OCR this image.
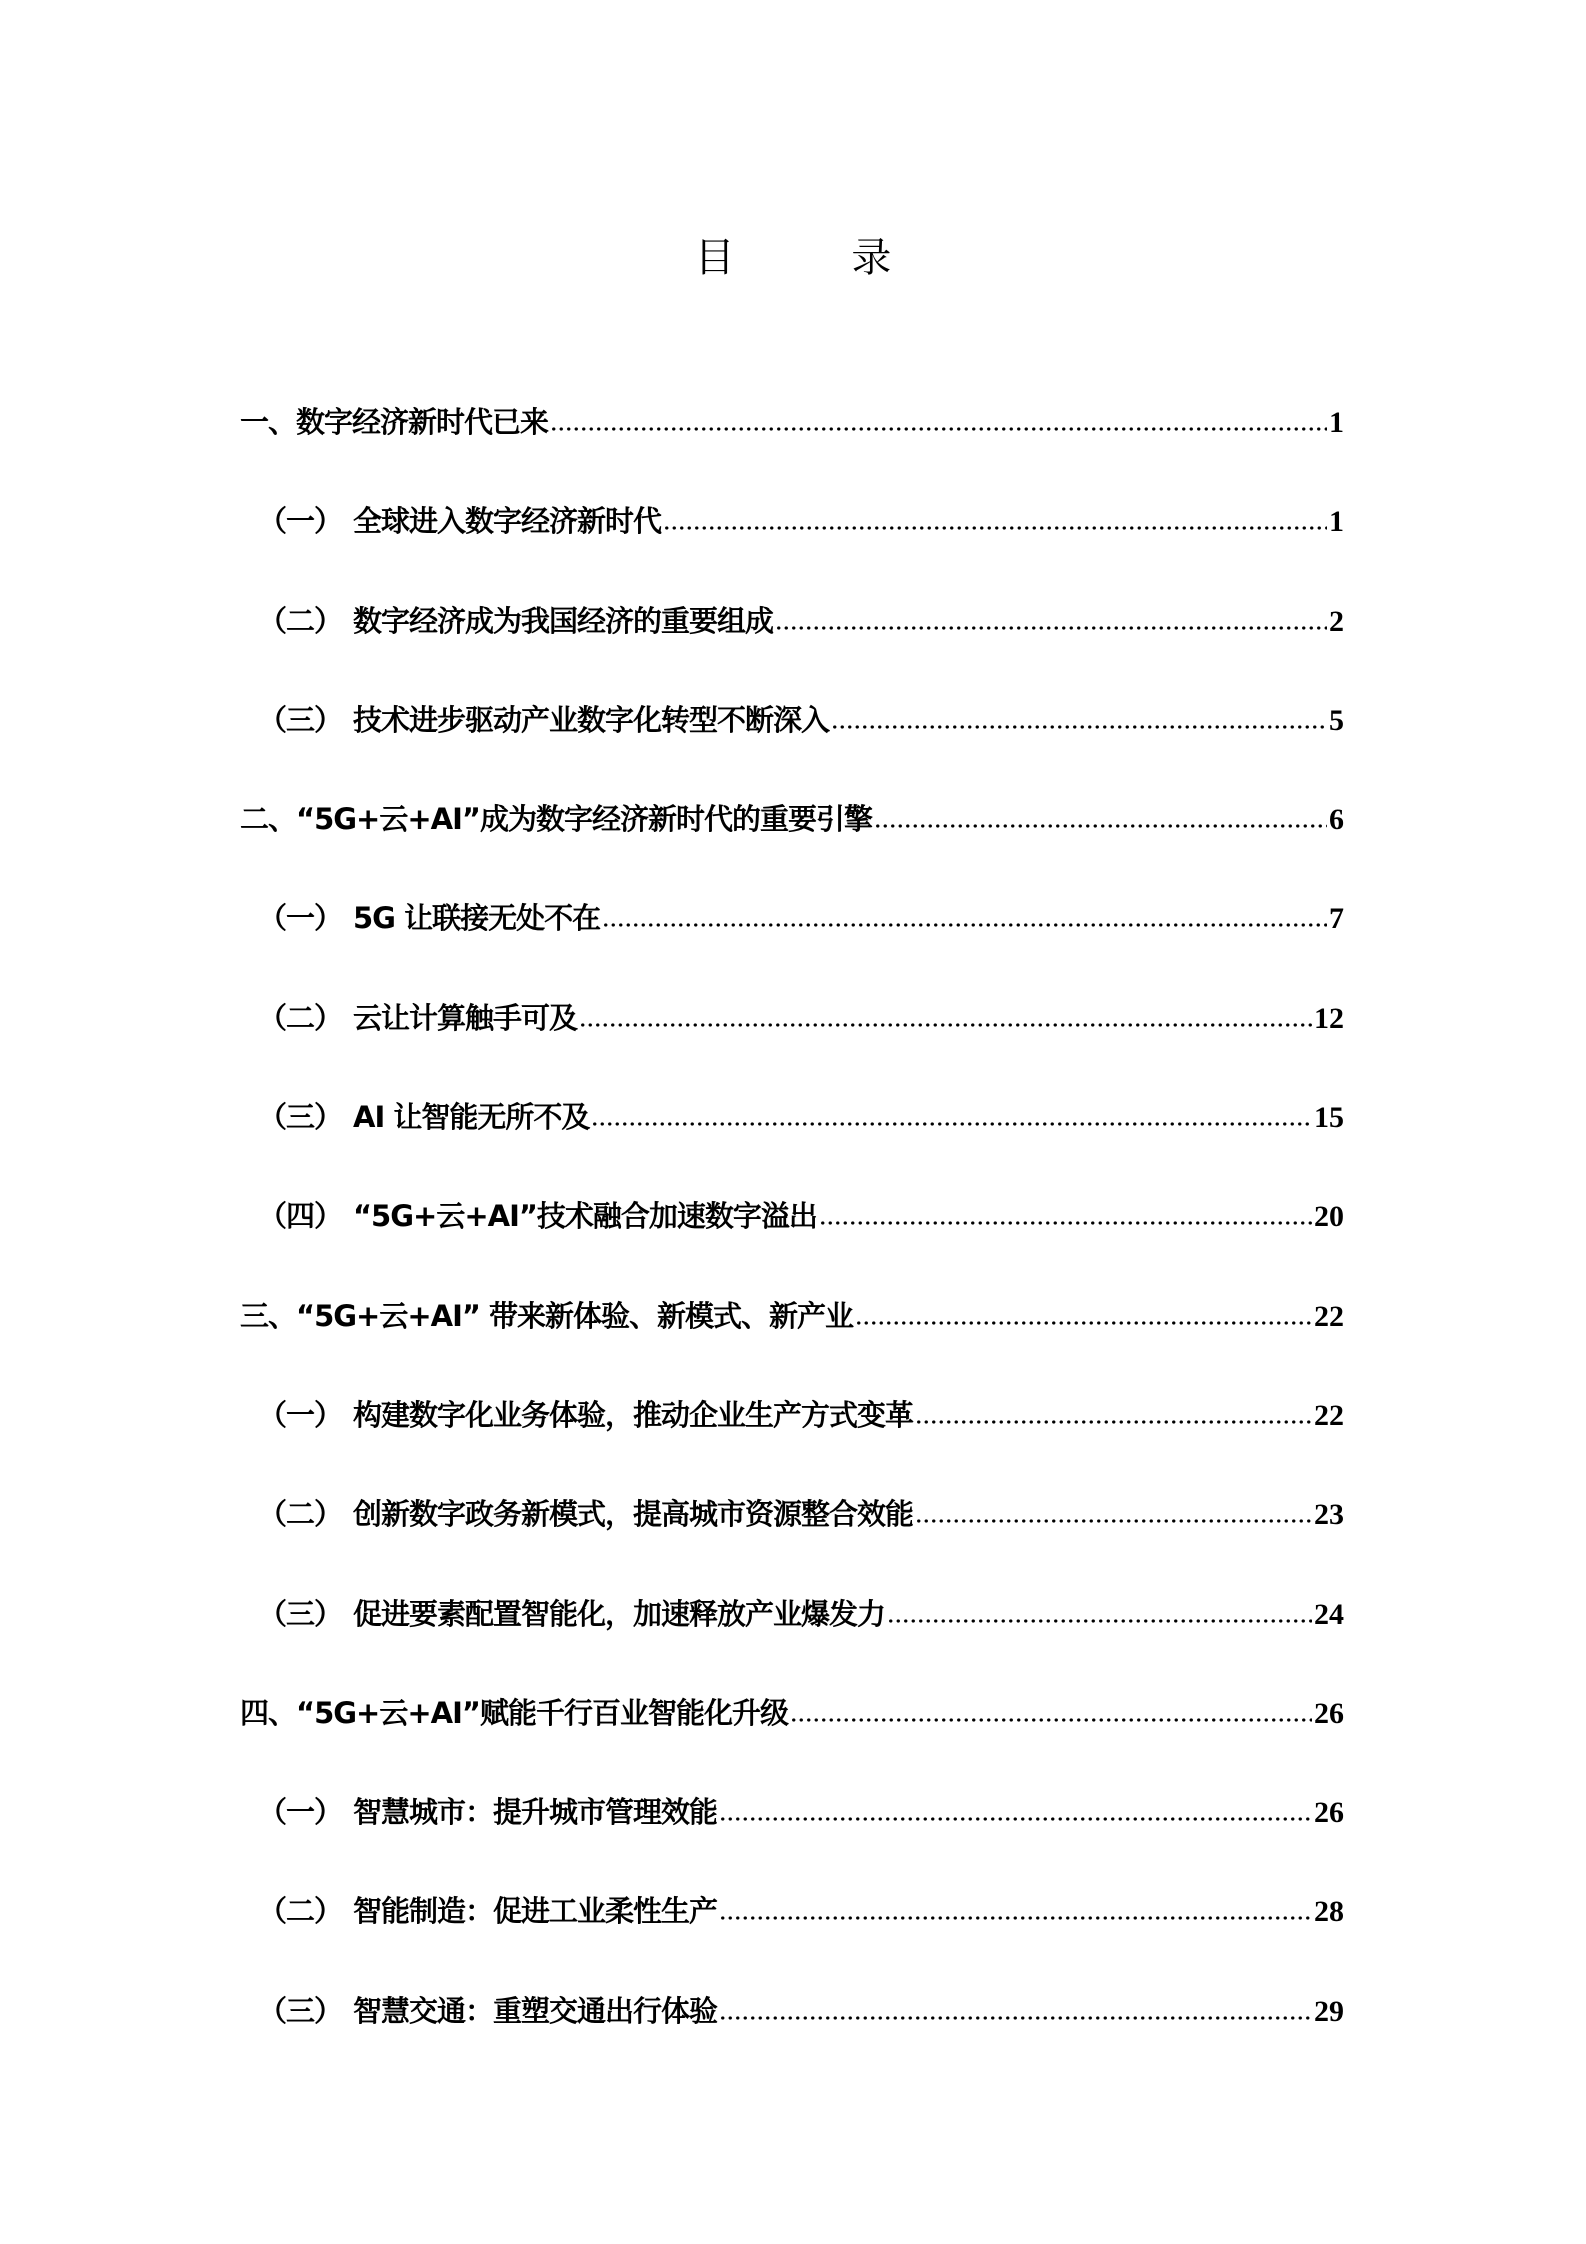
目 录
一、 数字经济新时代已来	1
（一） 全球进入数字经济新时代	1
（二） 数字经济成为我国经济的重要组成	2
（三） 技术进步驱动产业数字化转型不断深入	5
二、 “5G+云+AI”成为数字经济新时代的重要引擎	6
（一） 5G 让联接无处不在	7
（二） 云让计算触手可及	12
（三） AI 让智能无所不及	15
（四） “5G+云+AI”技术融合加速数字溢出	20
三、 “5G+云+AI” 带来新体验、新模式、新产业	22
（一） 构建数字化业务体验，推动企业生产方式变革	22
（二） 创新数字政务新模式，提高城市资源整合效能	23
（三） 促进要素配置智能化，加速释放产业爆发力	24
四、 “5G+云+AI”赋能千行百业智能化升级	26
（一） 智慧城市：提升城市管理效能	26
（二） 智能制造：促进工业柔性生产	28
（三） 智慧交通：重塑交通出行体验	29
